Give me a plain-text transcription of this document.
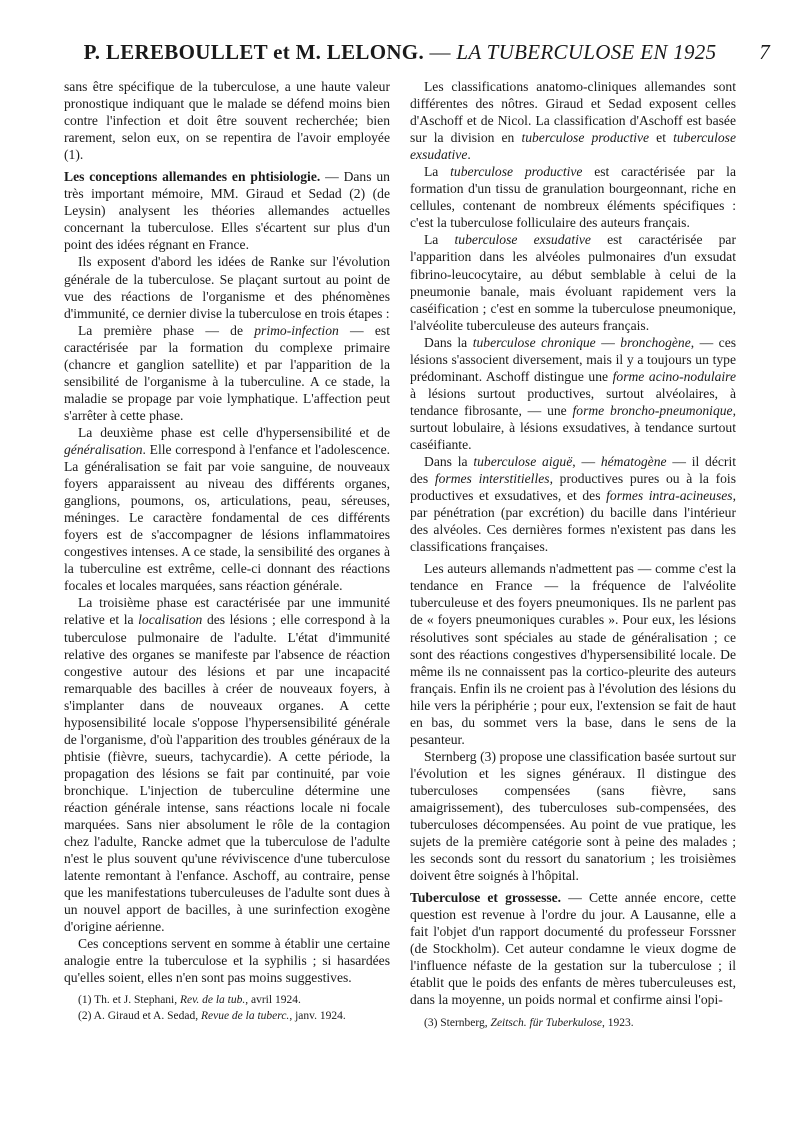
P. LEREBOULLET et M. LELONG. — LA TUBERCULOSE EN 1925 7

sans être spécifique de la tuberculose, a une haute valeur pronostique indiquant que le malade se défend moins bien contre l'infection et doit être souvent recherchée; bien rarement, selon eux, on se repentira de l'avoir employée (1).

Les conceptions allemandes en phtisiologie. — Dans un très important mémoire, MM. Giraud et Sedad (2) (de Leysin) analysent les théories allemandes actuelles concernant la tuberculose. Elles s'écartent sur plus d'un point des idées régnant en France.

Ils exposent d'abord les idées de Ranke sur l'évolution générale de la tuberculose. Se plaçant surtout au point de vue des réactions de l'organisme et des phénomènes d'immunité, ce dernier divise la tuberculose en trois étapes :

La première phase — de primo-infection — est caractérisée par la formation du complexe primaire (chancre et ganglion satellite) et par l'apparition de la sensibilité de l'organisme à la tuberculine. A ce stade, la maladie se propage par voie lymphatique. L'affection peut s'arrêter à cette phase.

La deuxième phase est celle d'hypersensibilité et de généralisation. Elle correspond à l'enfance et l'adolescence. La généralisation se fait par voie sanguine, de nouveaux foyers apparaissent au niveau des différents organes, ganglions, poumons, os, articulations, peau, séreuses, méninges. Le caractère fondamental de ces différents foyers est de s'accompagner de lésions inflammatoires congestives intenses. A ce stade, la sensibilité des organes à la tuberculine est extrême, celle-ci donnant des réactions focales et locales marquées, sans réaction générale.

La troisième phase est caractérisée par une immunité relative et la localisation des lésions ; elle correspond à la tuberculose pulmonaire de l'adulte. L'état d'immunité relative des organes se manifeste par l'absence de réaction congestive autour des lésions et par une incapacité remarquable des bacilles à créer de nouveaux foyers, à s'implanter dans de nouveaux organes. A cette hyposensibilité locale s'oppose l'hypersensibilité générale de l'organisme, d'où l'apparition des troubles généraux de la phtisie (fièvre, sueurs, tachycardie). A cette période, la propagation des lésions se fait par continuité, par voie bronchique. L'injection de tuberculine détermine une réaction générale intense, sans réactions locale ni focale marquées. Sans nier absolument le rôle de la contagion chez l'adulte, Rancke admet que la tuberculose de l'adulte n'est le plus souvent qu'une réviviscence d'une tuberculose latente remontant à l'enfance. Aschoff, au contraire, pense que les manifestations tuberculeuses de l'adulte sont dues à un nouvel apport de bacilles, à une surinfection exogène d'origine aérienne.

Ces conceptions servent en somme à établir une certaine analogie entre la tuberculose et la syphilis ; si hasardées qu'elles soient, elles n'en sont pas moins suggestives.

(1) Th. et J. Stephani, Rev. de la tub., avril 1924.

(2) A. Giraud et A. Sedad, Revue de la tuberc., janv. 1924.

Les classifications anatomo-cliniques allemandes sont différentes des nôtres. Giraud et Sedad exposent celles d'Aschoff et de Nicol. La classification d'Aschoff est basée sur la division en tuberculose productive et tuberculose exsudative.

La tuberculose productive est caractérisée par la formation d'un tissu de granulation bourgeonnant, riche en cellules, contenant de nombreux éléments spécifiques : c'est la tuberculose folliculaire des auteurs français.

La tuberculose exsudative est caractérisée par l'apparition dans les alvéoles pulmonaires d'un exsudat fibrino-leucocytaire, au début semblable à celui de la pneumonie banale, mais évoluant rapidement vers la caséification ; c'est en somme la tuberculose pneumonique, l'alvéolite tuberculeuse des auteurs français.

Dans la tuberculose chronique — bronchogène, — ces lésions s'associent diversement, mais il y a toujours un type prédominant. Aschoff distingue une forme acino-nodulaire à lésions surtout productives, surtout alvéolaires, à tendance fibrosante, — une forme broncho-pneumonique, surtout lobulaire, à lésions exsudatives, à tendance surtout caséifiante.

Dans la tuberculose aiguë, — hématogène — il décrit des formes interstitielles, productives pures ou à la fois productives et exsudatives, et des formes intra-acineuses, par pénétration (par excrétion) du bacille dans l'intérieur des alvéoles. Ces dernières formes n'existent pas dans les classifications françaises.

Les auteurs allemands n'admettent pas — comme c'est la tendance en France — la fréquence de l'alvéolite tuberculeuse et des foyers pneumoniques. Ils ne parlent pas de « foyers pneumoniques curables ». Pour eux, les lésions résolutives sont spéciales au stade de généralisation ; ce sont des réactions congestives d'hypersensibilité locale. De même ils ne connaissent pas la cortico-pleurite des auteurs français. Enfin ils ne croient pas à l'évolution des lésions du hile vers la périphérie ; pour eux, l'extension se fait de haut en bas, du sommet vers la base, dans le sens de la pesanteur.

Sternberg (3) propose une classification basée surtout sur l'évolution et les signes généraux. Il distingue des tuberculoses compensées (sans fièvre, sans amaigrissement), des tuberculoses sub-compensées, des tuberculoses décompensées. Au point de vue pratique, les sujets de la première catégorie sont à peine des malades ; les seconds sont du ressort du sanatorium ; les troisièmes doivent être soignés à l'hôpital.

Tuberculose et grossesse. — Cette année encore, cette question est revenue à l'ordre du jour. A Lausanne, elle a fait l'objet d'un rapport documenté du professeur Forssner (de Stockholm). Cet auteur condamne le vieux dogme de l'influence néfaste de la gestation sur la tuberculose ; il établit que le poids des enfants de mères tuberculeuses est, dans la moyenne, un poids normal et confirme ainsi l'opi-

(3) Sternberg, Zeitsch. für Tuberkulose, 1923.
